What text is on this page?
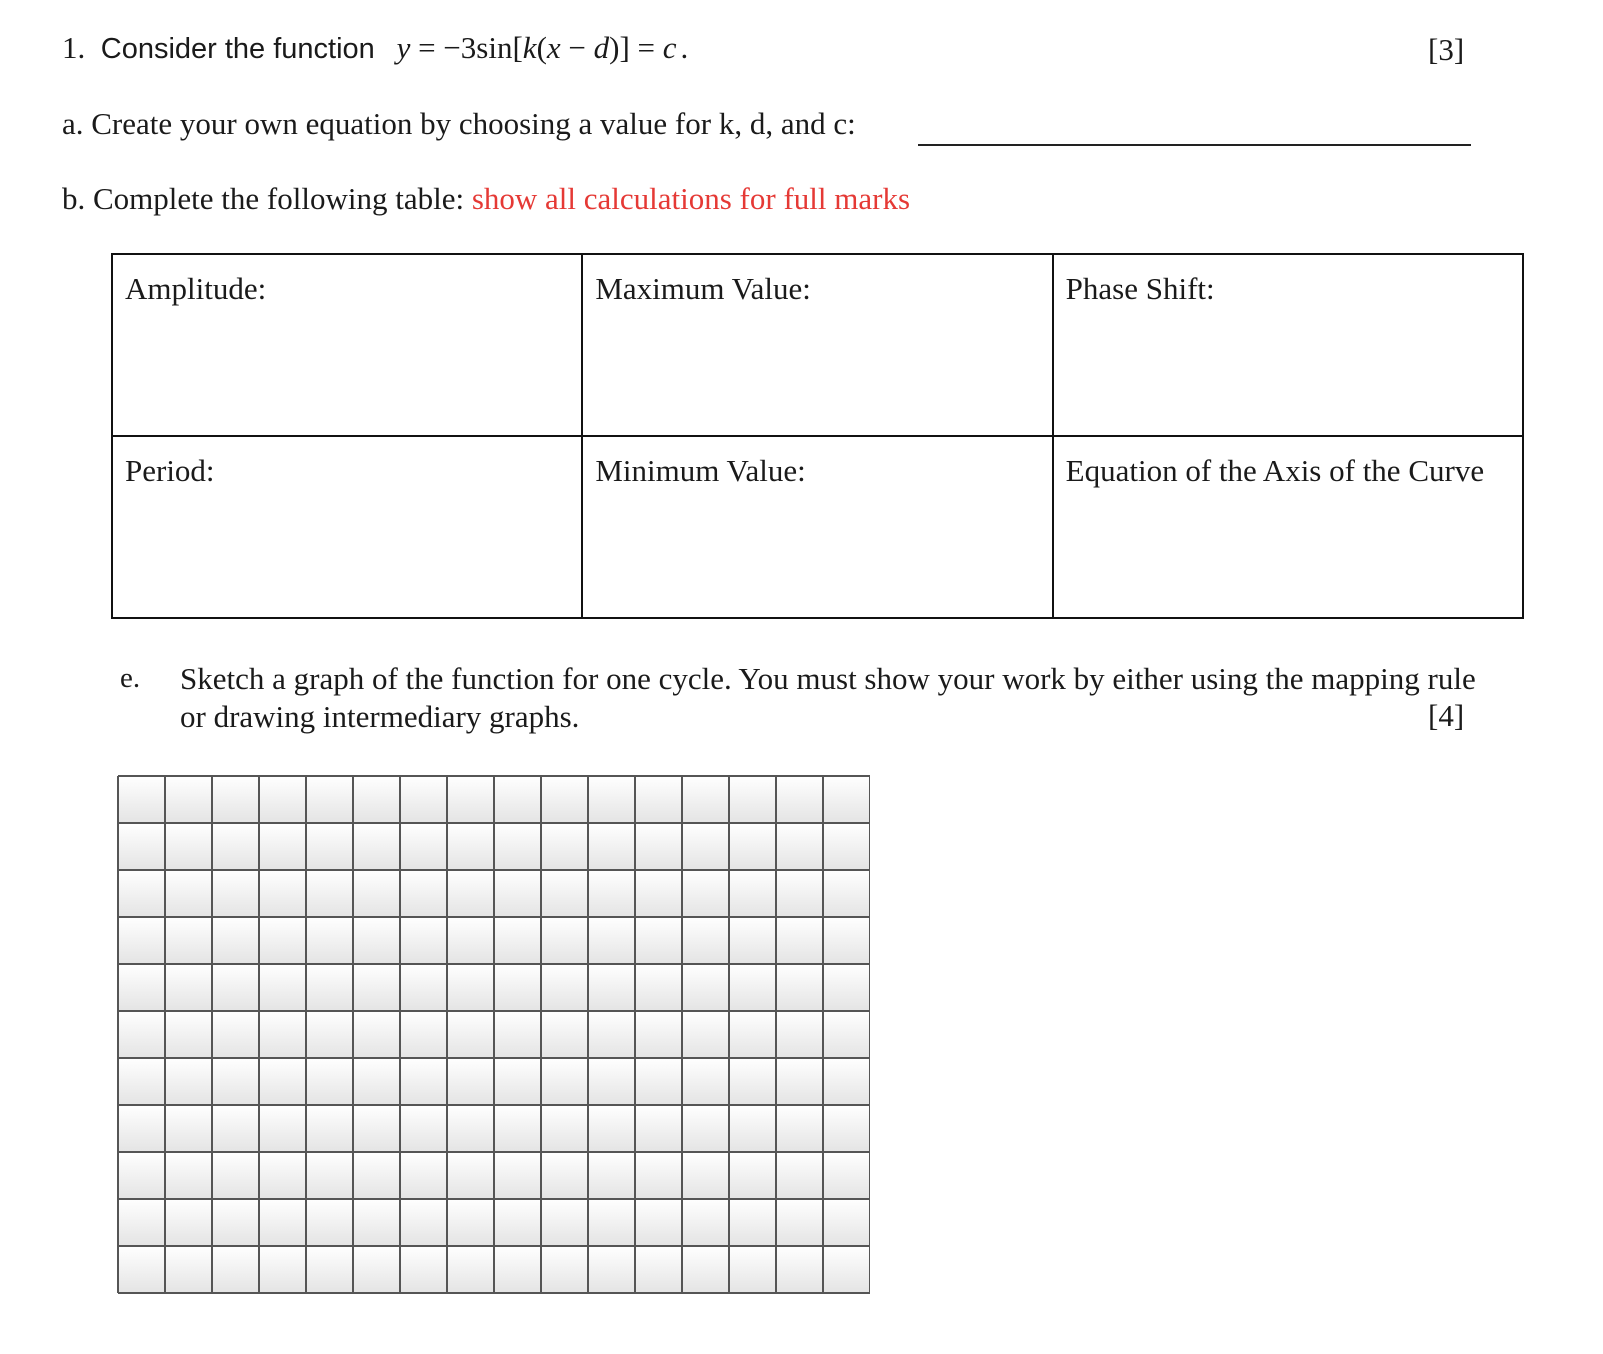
1. Consider the function y = −3sin[k(x − d)] = c .	[3]
a. Create your own equation by choosing a value for k, d, and c:
b. Complete the following table: show all calculations for full marks
Amplitude:	Maximum Value:	Phase Shift:
Period:	Minimum Value:	Equation of the Axis of the Curve
e. Sketch a graph of the function for one cycle. You must show your work by either using the mapping rule or drawing intermediary graphs.	[4]
